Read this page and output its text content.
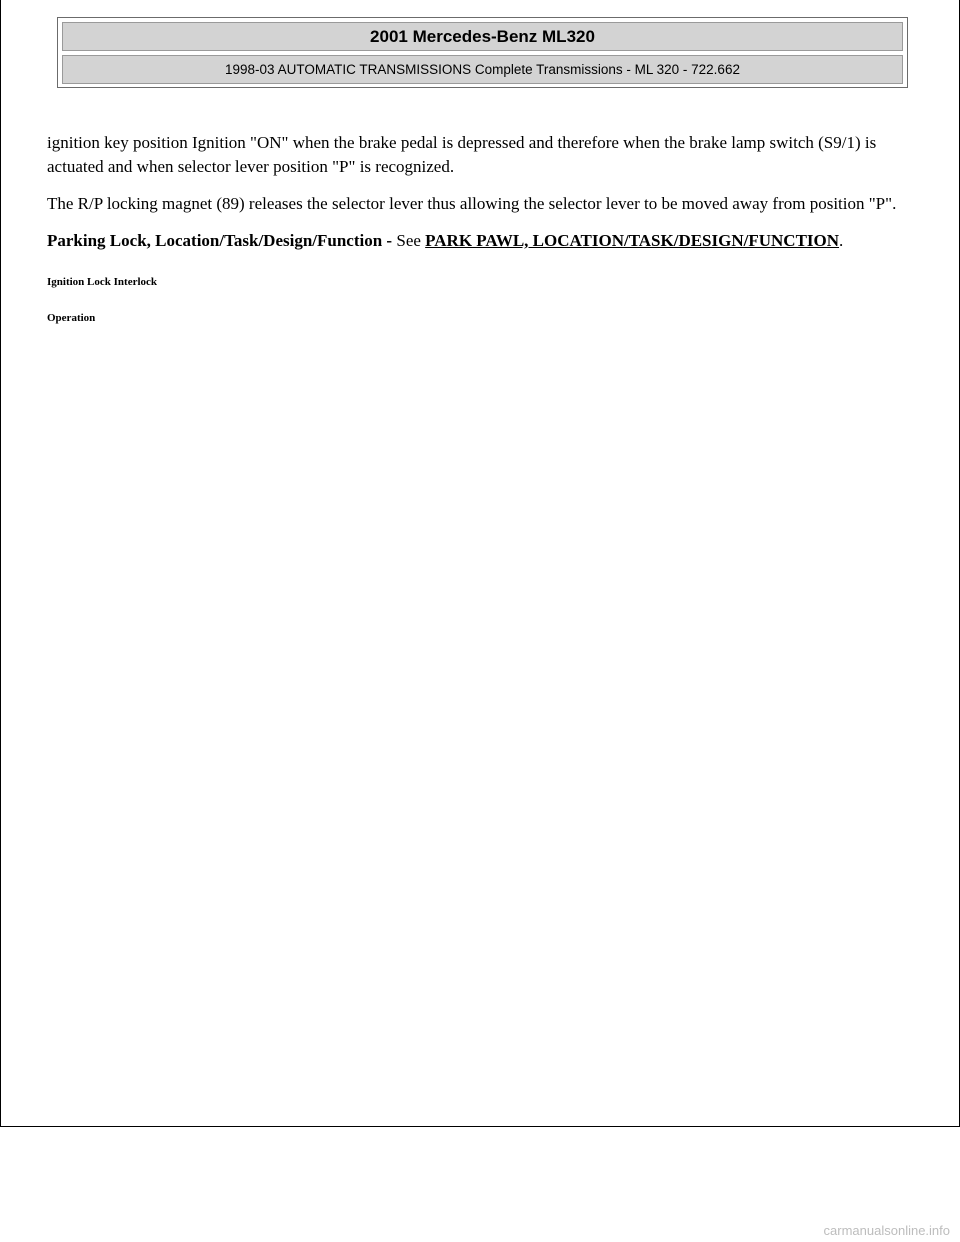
2001 Mercedes-Benz ML320
1998-03 AUTOMATIC TRANSMISSIONS Complete Transmissions - ML 320 - 722.662

ignition key position Ignition "ON" when the brake pedal is depressed and therefore when the brake lamp switch (S9/1) is actuated and when selector lever position "P" is recognized.

The R/P locking magnet (89) releases the selector lever thus allowing the selector lever to be moved away from position "P".

Parking Lock, Location/Task/Design/Function - See PARK PAWL, LOCATION/TASK/DESIGN/FUNCTION.

Ignition Lock Interlock

Operation

carmanualsonline.info
